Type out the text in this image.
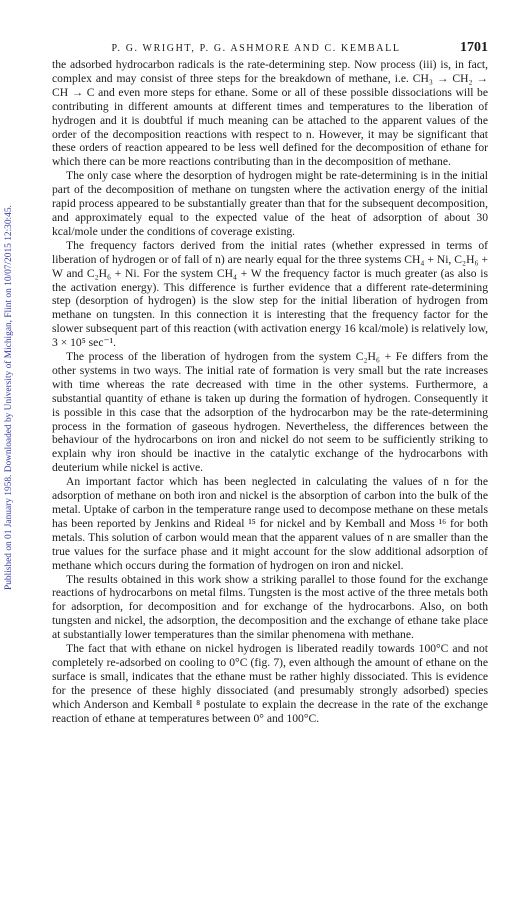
P. G. WRIGHT, P. G. ASHMORE AND C. KEMBALL	1701
Published on 01 January 1958. Downloaded by University of Michigan, Flint on 10/07/2015 12:30:45.

the adsorbed hydrocarbon radicals is the rate-determining step. Now process (iii) is, in fact, complex and may consist of three steps for the breakdown of methane, i.e. CH₃ → CH₂ → CH → C and even more steps for ethane. Some or all of these possible dissociations will be contributing in different amounts at different times and temperatures to the liberation of hydrogen and it is doubtful if much meaning can be attached to the apparent values of the order of the decomposition reactions with respect to n. However, it may be significant that these orders of reaction appeared to be less well defined for the decomposition of ethane for which there can be more reactions contributing than in the decomposition of methane.

The only case where the desorption of hydrogen might be rate-determining is in the initial part of the decomposition of methane on tungsten where the activation energy of the initial rapid process appeared to be substantially greater than that for the subsequent decomposition, and approximately equal to the expected value of the heat of adsorption of about 30 kcal/mole under the conditions of coverage existing.

The frequency factors derived from the initial rates (whether expressed in terms of liberation of hydrogen or of fall of n) are nearly equal for the three systems CH₄ + Ni, C₂H₆ + W and C₂H₆ + Ni. For the system CH₄ + W the frequency factor is much greater (as also is the activation energy). This difference is further evidence that a different rate-determining step (desorption of hydrogen) is the slow step for the initial liberation of hydrogen from methane on tungsten. In this connection it is interesting that the frequency factor for the slower subsequent part of this reaction (with activation energy 16 kcal/mole) is relatively low, 3 × 10⁵ sec⁻¹.

The process of the liberation of hydrogen from the system C₂H₆ + Fe differs from the other systems in two ways. The initial rate of formation is very small but the rate increases with time whereas the rate decreased with time in the other systems. Furthermore, a substantial quantity of ethane is taken up during the formation of hydrogen. Consequently it is possible in this case that the adsorption of the hydrocarbon may be the rate-determining process in the formation of gaseous hydrogen. Nevertheless, the differences between the behaviour of the hydrocarbons on iron and nickel do not seem to be sufficiently striking to explain why iron should be inactive in the catalytic exchange of the hydrocarbons with deuterium while nickel is active.

An important factor which has been neglected in calculating the values of n for the adsorption of methane on both iron and nickel is the absorption of carbon into the bulk of the metal. Uptake of carbon in the temperature range used to decompose methane on these metals has been reported by Jenkins and Rideal ¹⁵ for nickel and by Kemball and Moss ¹⁶ for both metals. This solution of carbon would mean that the apparent values of n are smaller than the true values for the surface phase and it might account for the slow additional adsorption of methane which occurs during the formation of hydrogen on iron and nickel.

The results obtained in this work show a striking parallel to those found for the exchange reactions of hydrocarbons on metal films. Tungsten is the most active of the three metals both for adsorption, for decomposition and for exchange of the hydrocarbons. Also, on both tungsten and nickel, the adsorption, the decomposition and the exchange of ethane take place at substantially lower temperatures than the similar phenomena with methane.

The fact that with ethane on nickel hydrogen is liberated readily towards 100°C and not completely re-adsorbed on cooling to 0°C (fig. 7), even although the amount of ethane on the surface is small, indicates that the ethane must be rather highly dissociated. This is evidence for the presence of these highly dissociated (and presumably strongly adsorbed) species which Anderson and Kemball ⁸ postulate to explain the decrease in the rate of the exchange reaction of ethane at temperatures between 0° and 100°C.
